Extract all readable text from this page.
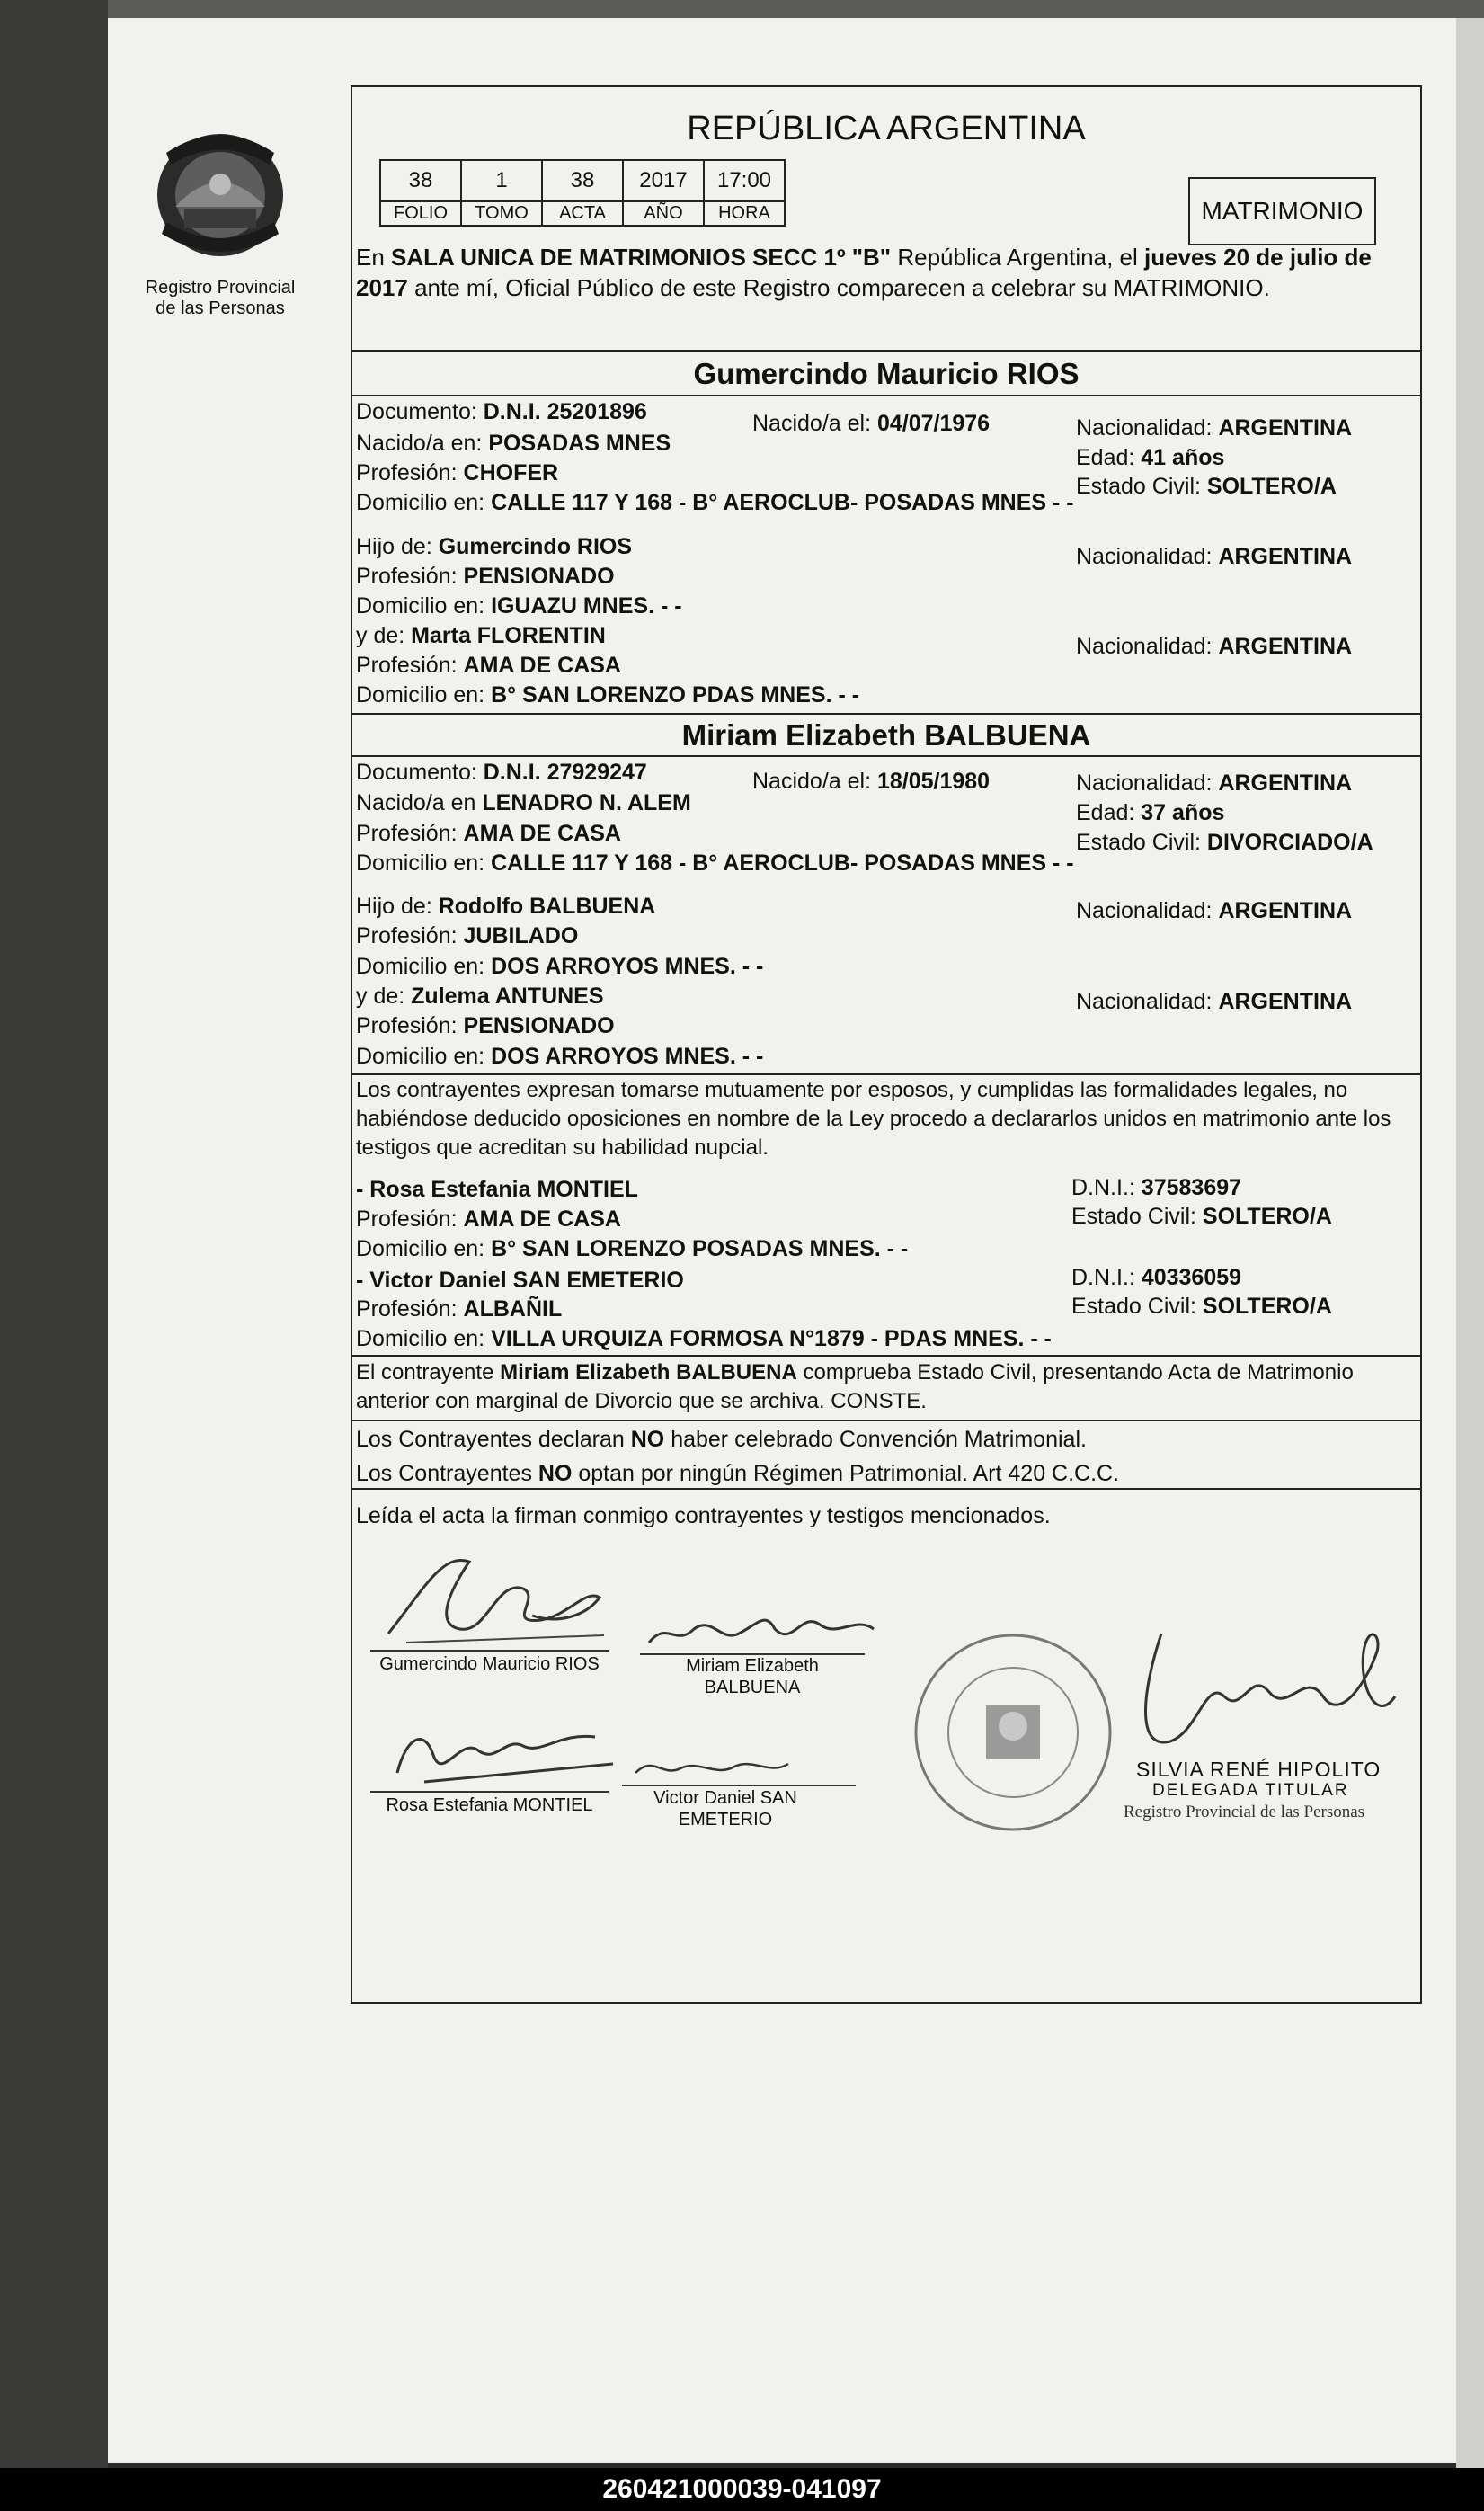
Registro Provincial
de las Personas
REPÚBLICA ARGENTINA
38	1	38	2017	17:00
FOLIO	TOMO	ACTA	AÑO	HORA	MATRIMONIO
En SALA UNICA DE MATRIMONIOS SECC 1º "B" República Argentina, el jueves 20 de julio de 2017 ante mí, Oficial Público de este Registro comparecen a celebrar su MATRIMONIO.
Gumercindo Mauricio RIOS
Documento: D.N.I. 25201896	Nacido/a el: 04/07/1976	Nacionalidad: ARGENTINA
Nacido/a en: POSADAS MNES
Edad: 41 años
Profesión: CHOFER
Estado Civil: SOLTERO/A
Domicilio en: CALLE 117 Y 168 - B° AEROCLUB- POSADAS MNES - -
Hijo de: Gumercindo RIOS	Nacionalidad: ARGENTINA
Profesión: PENSIONADO
Domicilio en: IGUAZU MNES. - -
y de: Marta FLORENTIN	Nacionalidad: ARGENTINA
Profesión: AMA DE CASA
Domicilio en: B° SAN LORENZO PDAS MNES. - -
Miriam Elizabeth BALBUENA
Documento: D.N.I. 27929247	Nacido/a el: 18/05/1980	Nacionalidad: ARGENTINA
Nacido/a en LENADRO N. ALEM	Edad: 37 años
Profesión: AMA DE CASA	Estado Civil: DIVORCIADO/A
Domicilio en: CALLE 117 Y 168 - B° AEROCLUB- POSADAS MNES - -
Hijo de: Rodolfo BALBUENA	Nacionalidad: ARGENTINA
Profesión: JUBILADO
Domicilio en: DOS ARROYOS MNES. - -
y de: Zulema ANTUNES	Nacionalidad: ARGENTINA
Profesión: PENSIONADO
Domicilio en: DOS ARROYOS MNES. - -
Los contrayentes expresan tomarse mutuamente por esposos, y cumplidas las formalidades legales, no habiéndose deducido oposiciones en nombre de la Ley procedo a declararlos unidos en matrimonio ante los testigos que acreditan su habilidad nupcial.
- Rosa Estefania MONTIEL	D.N.I.: 37583697
Profesión: AMA DE CASA	Estado Civil: SOLTERO/A
Domicilio en: B° SAN LORENZO POSADAS MNES. - -
- Victor Daniel SAN EMETERIO	D.N.I.: 40336059
Profesión: ALBAÑIL	Estado Civil: SOLTERO/A
Domicilio en: VILLA URQUIZA FORMOSA N°1879 - PDAS MNES. - -
El contrayente Miriam Elizabeth BALBUENA comprueba Estado Civil, presentando Acta de Matrimonio anterior con marginal de Divorcio que se archiva. CONSTE.
Los Contrayentes declaran NO haber celebrado Convención Matrimonial.
Los Contrayentes NO optan por ningún Régimen Patrimonial. Art 420 C.C.C.
Leída el acta la firman conmigo contrayentes y testigos mencionados.
Gumercindo Mauricio RIOS	Miriam Elizabeth
BALBUENA
Rosa Estefania MONTIEL	Victor Daniel SAN
EMETERIO
SILVIA RENÉ HIPOLITO
DELEGADA TITULAR
Registro Provincial de las Personas
260421000039-041097
